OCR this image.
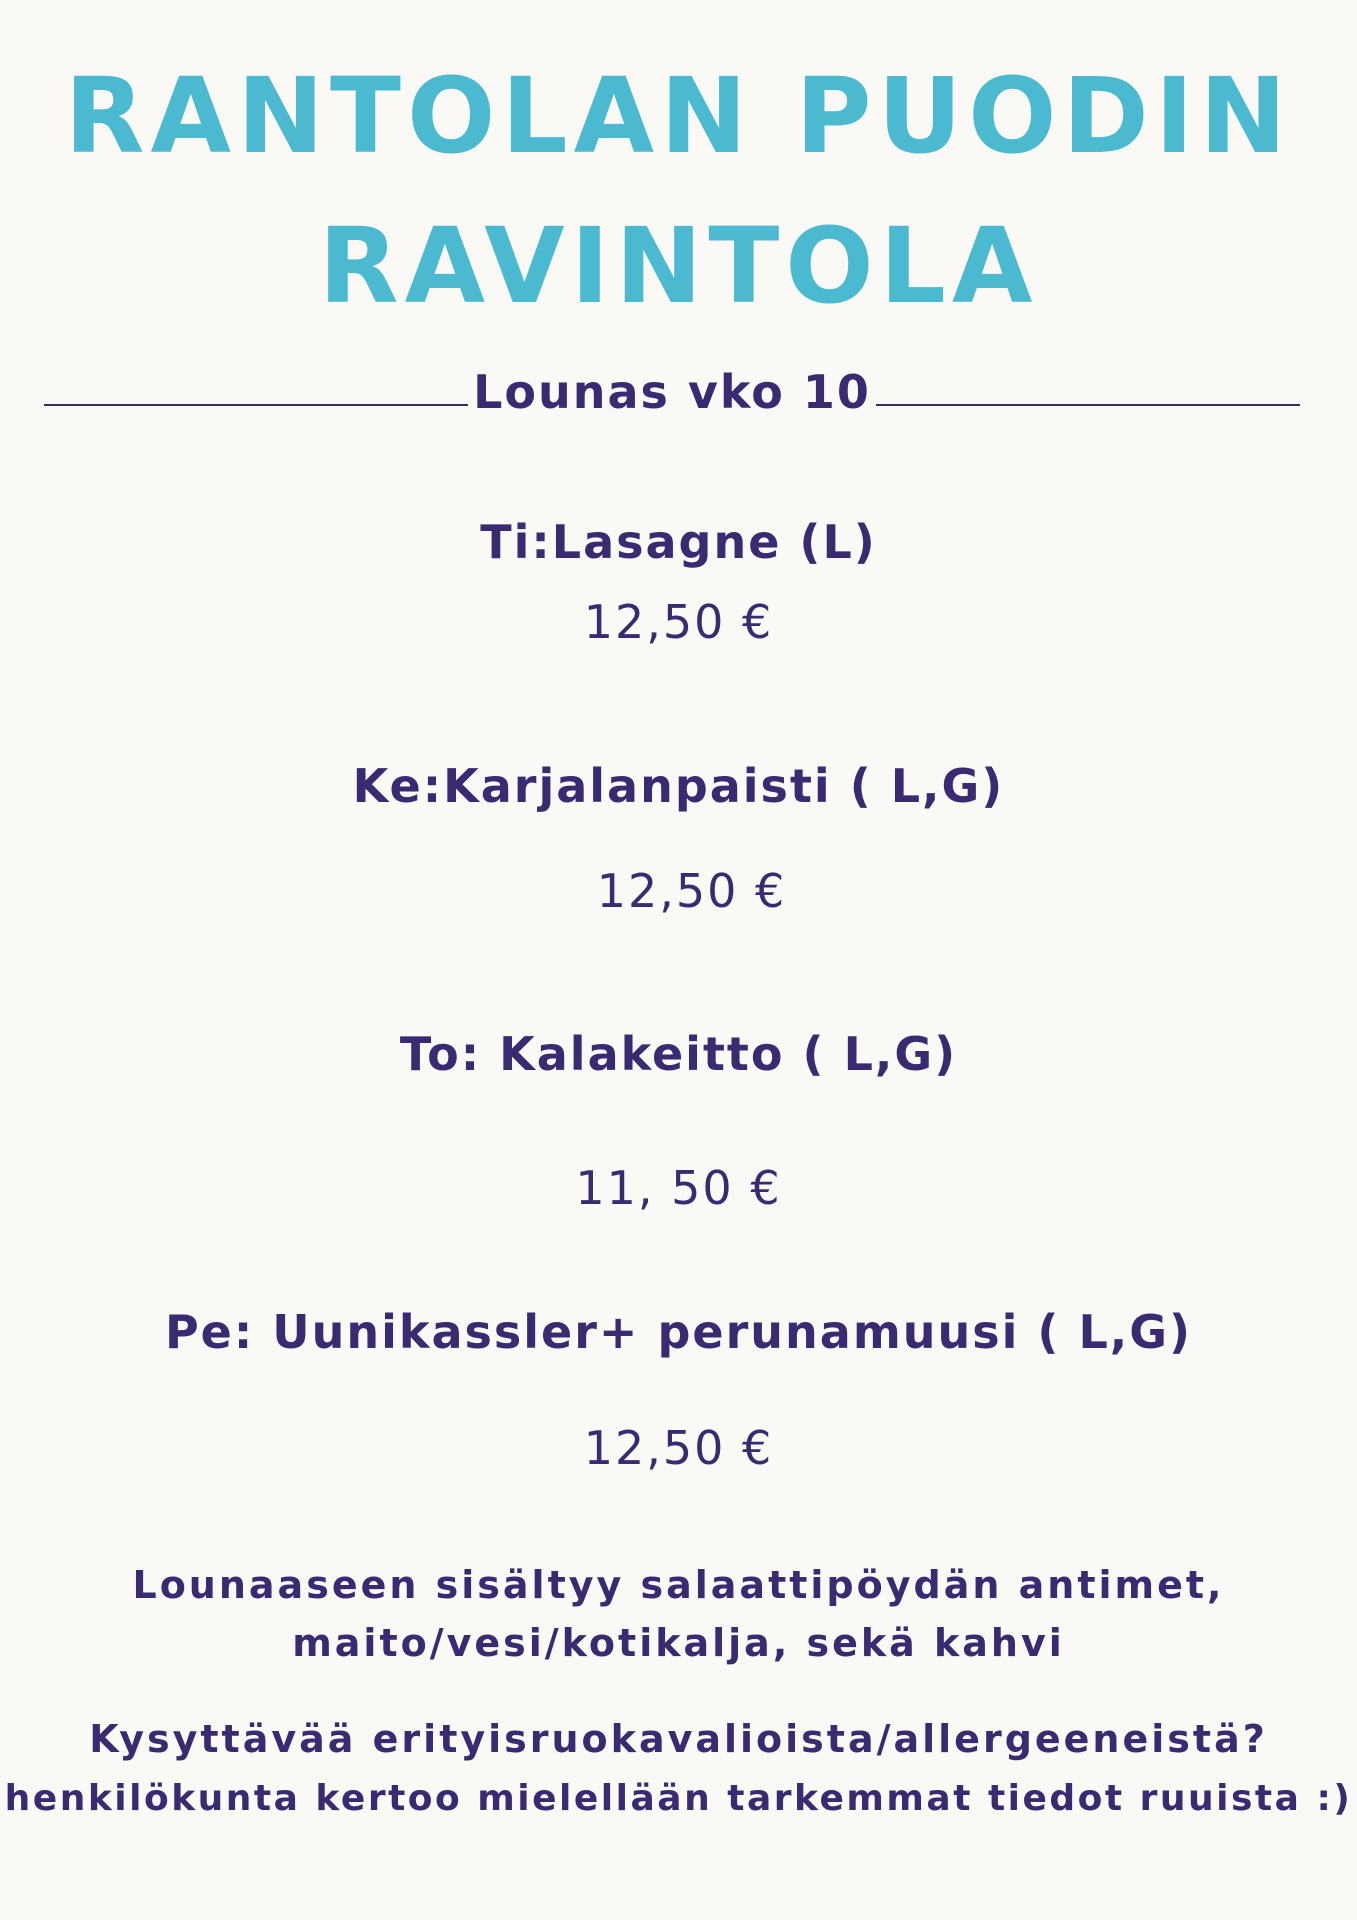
RANTOLAN PUODIN
RAVINTOLA
Lounas vko 10
Ti:Lasagne (L)
12,50 €
Ke:Karjalanpaisti ( L,G)
12,50 €
To: Kalakeitto ( L,G)
11, 50 €
Pe: Uunikassler+ perunamuusi ( L,G)
12,50 €
Lounaaseen sisältyy salaattipöydän antimet,
maito/vesi/kotikalja, sekä kahvi
Kysyttävää erityisruokavalioista/allergeeneistä?
henkilökunta kertoo mielellään tarkemmat tiedot ruuista :)
